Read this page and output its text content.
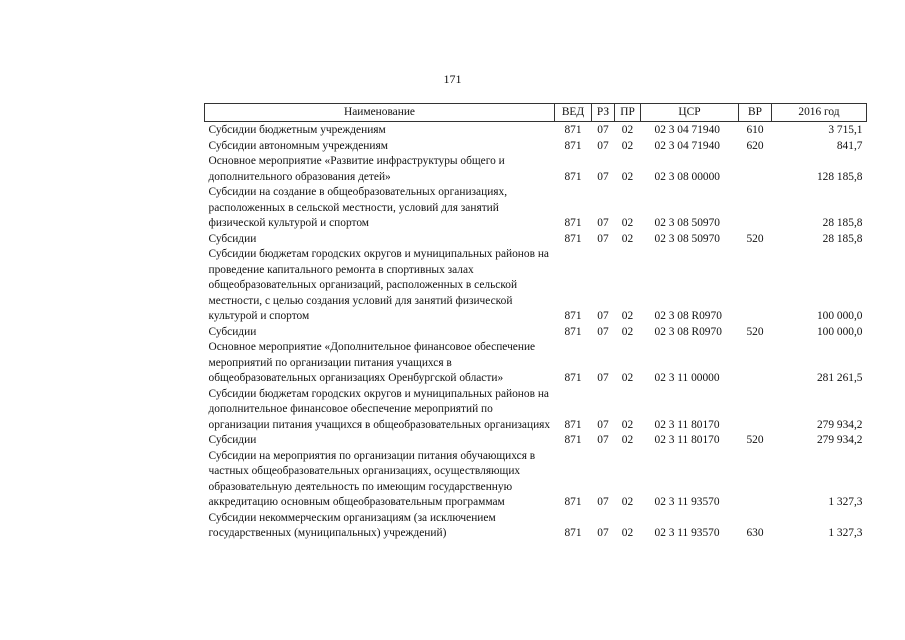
171
Наименование	ВЕД	РЗ	ПР	ЦСР	ВР	2016 год
Субсидии бюджетным учреждениям	871	07	02	02 3 04 71940	610	3 715,1
Субсидии автономным учреждениям	871	07	02	02 3 04 71940	620	841,7
Основное мероприятие «Развитие инфраструктуры общего и дополнительного образования детей»	871	07	02	02 3 08 00000		128 185,8
Субсидии на создание в общеобразовательных организациях, расположенных в сельской местности, условий для занятий физической культурой и спортом	871	07	02	02 3 08 50970		28 185,8
Субсидии	871	07	02	02 3 08 50970	520	28 185,8
Субсидии бюджетам городских округов и муниципальных районов на проведение капитального ремонта в спортивных залах общеобразовательных организаций, расположенных в сельской местности, с целью создания условий для занятий физической культурой и спортом	871	07	02	02 3 08 R0970		100 000,0
Субсидии	871	07	02	02 3 08 R0970	520	100 000,0
Основное мероприятие «Дополнительное финансовое обеспечение мероприятий по организации питания учащихся в общеобразовательных организациях Оренбургской области»	871	07	02	02 3 11 00000		281 261,5
Субсидии бюджетам городских округов и муниципальных районов на дополнительное финансовое обеспечение мероприятий по организации питания учащихся в общеобразовательных организациях	871	07	02	02 3 11 80170		279 934,2
Субсидии	871	07	02	02 3 11 80170	520	279 934,2
Субсидии на мероприятия по организации питания обучающихся в частных общеобразовательных организациях, осуществляющих образовательную деятельность по имеющим государственную аккредитацию основным общеобразовательным программам	871	07	02	02 3 11 93570		1 327,3
Субсидии некоммерческим организациям (за исключением государственных (муниципальных) учреждений)	871	07	02	02 3 11 93570	630	1 327,3
